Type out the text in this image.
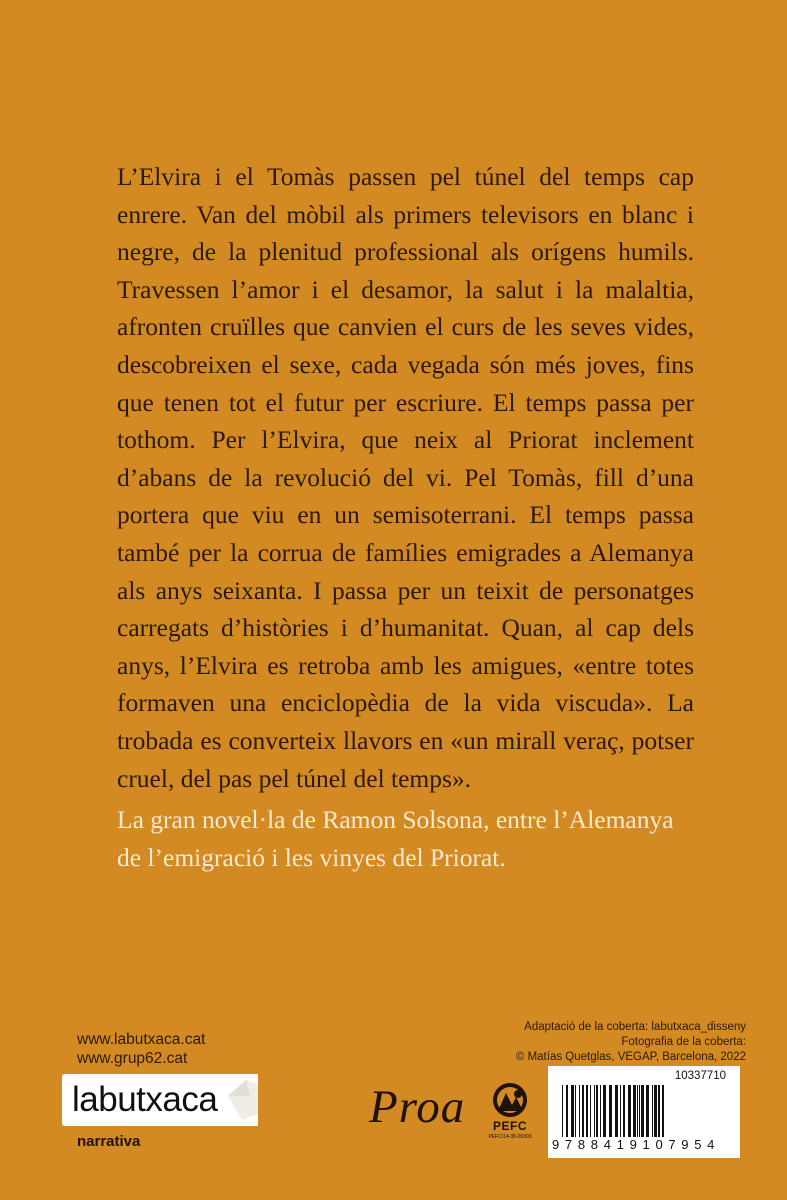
L’Elvira i el Tomàs passen pel túnel del temps cap enrere. Van del mòbil als primers televisors en blanc i negre, de la plenitud professional als orígens humils. Travessen l’amor i el desamor, la salut i la malaltia, afronten cruïlles que canvien el curs de les seves vides, descobreixen el sexe, cada vegada són més joves, fins que tenen tot el futur per escriure. El temps passa per tothom. Per l’Elvira, que neix al Priorat inclement d’abans de la revolució del vi. Pel Tomàs, fill d’una portera que viu en un semisoterrani. El temps passa també per la corrua de famílies emigrades a Alemanya als anys seixanta. I passa per un teixit de personatges carregats d’històries i d’humanitat. Quan, al cap dels anys, l’Elvira es retroba amb les amigues, «entre totes formaven una enciclopèdia de la vida viscuda». La trobada es converteix llavors en «un mirall veraç, potser cruel, del pas pel túnel del temps».

La gran novel·la de Ramon Solsona, entre l’Alemanya
de l’emigració i les vinyes del Priorat.

www.labutxaca.cat
www.grup62.cat
labutxaca
narrativa
Proa	PEFC
PEFC/14-38-00303
Adaptació de la coberta: labutxaca_disseny
Fotografia de la coberta:
© Matías Quetglas, VEGAP, Barcelona, 2022
10337710
9788419107954
